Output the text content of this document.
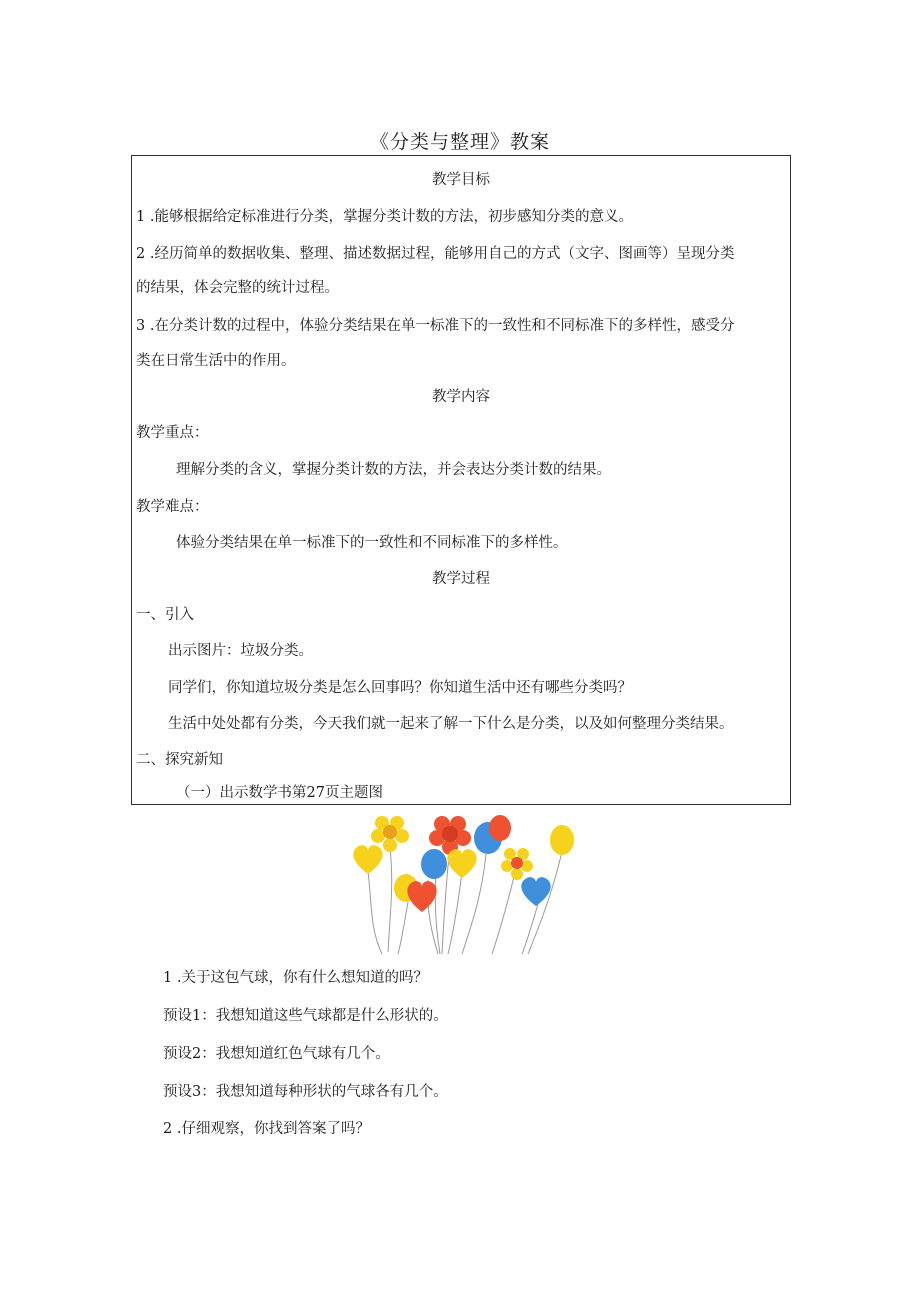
《分类与整理》教案
教学目标
1 .能够根据给定标准进行分类，掌握分类计数的方法，初步感知分类的意义。
2 .经历简单的数据收集、整理、描述数据过程，能够用自己的方式（文字、图画等）呈现分类
的结果，体会完整的统计过程。
3 .在分类计数的过程中，体验分类结果在单一标准下的一致性和不同标准下的多样性，感受分
类在日常生活中的作用。
教学内容
教学重点：
理解分类的含义，掌握分类计数的方法，并会表达分类计数的结果。
教学难点：
体验分类结果在单一标准下的一致性和不同标准下的多样性。
教学过程
一、引入
出示图片：垃圾分类。
同学们，你知道垃圾分类是怎么回事吗？你知道生活中还有哪些分类吗？
生活中处处都有分类，今天我们就一起来了解一下什么是分类，以及如何整理分类结果。
二、探究新知
（一）出示数学书第27页主题图
1 .关于这包气球，你有什么想知道的吗？
预设1：我想知道这些气球都是什么形状的。
预设2：我想知道红色气球有几个。
预设3：我想知道每种形状的气球各有几个。
2 .仔细观察，你找到答案了吗？
